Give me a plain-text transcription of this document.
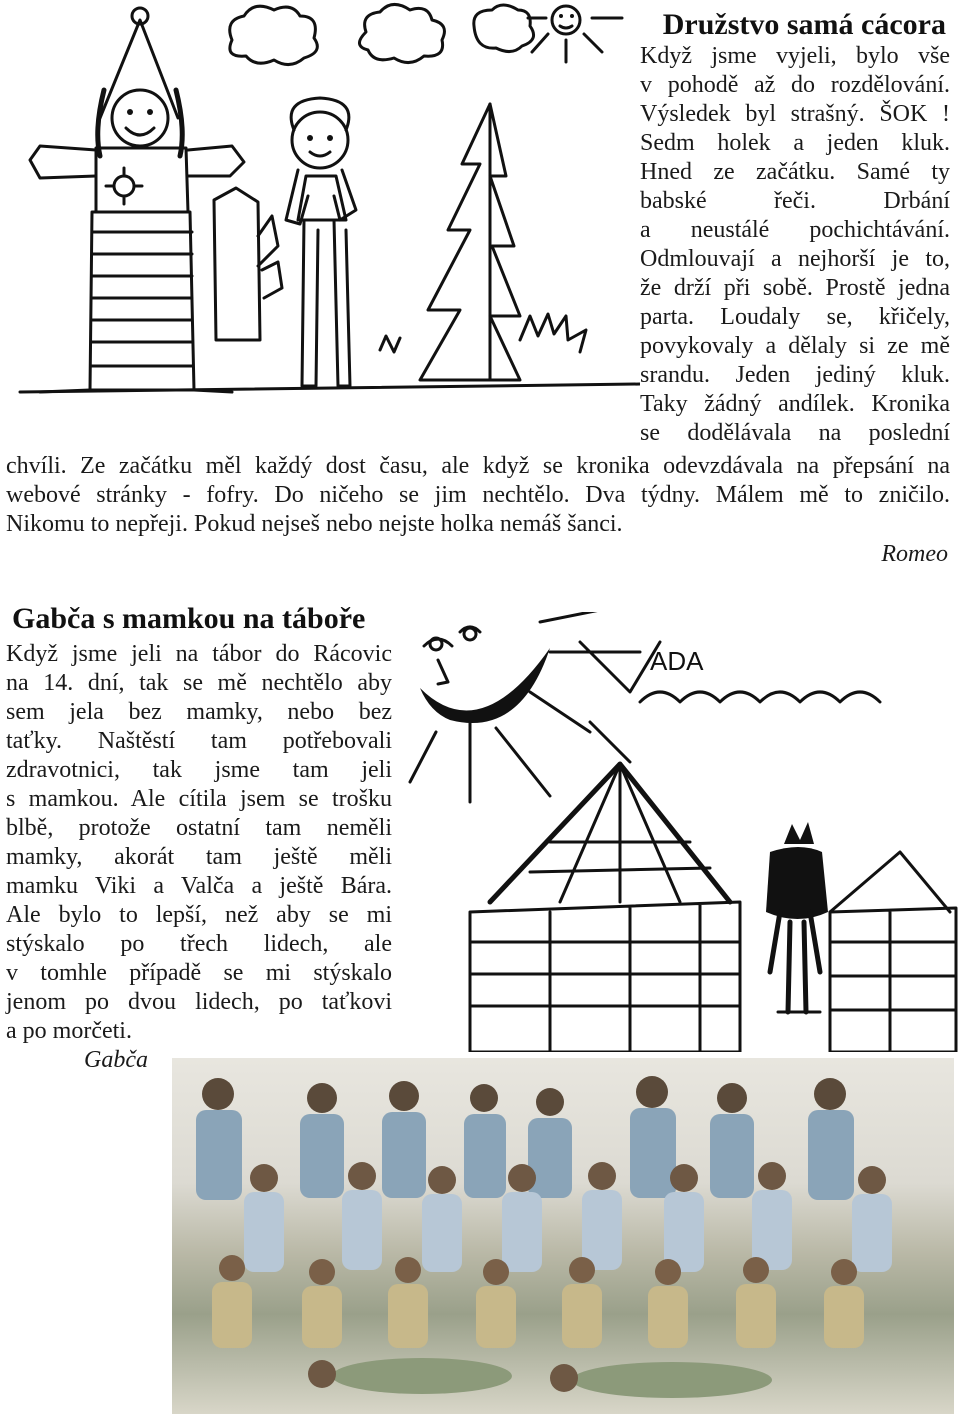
Družstvo samá cácora

Když jsme vyjeli, bylo vše

v pohodě až do rozdělování.

Výsledek byl strašný. ŠOK !

Sedm holek a jeden kluk.

Hned ze začátku. Samé ty

babské řeči. Drbání

a neustálé pochichtávání.

Odmlouvají a nejhorší je to,

že drží při sobě. Prostě jedna

parta. Loudaly se, křičely,

povykovaly a dělaly si ze mě

srandu. Jeden jediný kluk.

Taky žádný andílek. Kronika

se dodělávala na poslední

chvíli. Ze začátku měl každý dost času, ale když se kronika odevzdávala na přepsání na

webové stránky - fofry. Do ničeho se jim nechtělo. Dva týdny. Málem mě to zničilo.

Nikomu to nepřeji. Pokud nejseš nebo nejste holka nemáš šanci.

Romeo
Gabča s mamkou na táboře

Když jsme jeli na tábor do Rácovic

na 14. dní, tak se mě nechtělo aby

sem jela bez mamky, nebo bez

taťky. Naštěstí tam potřebovali

zdravotnici, tak jsme tam jeli

s mamkou. Ale cítila jsem se trošku

blbě, protože ostatní tam neměli

mamky, akorát tam ještě měli

mamku Viki a Valča a ještě Bára.

Ale bylo to lepší, než aby se mi

stýskalo po třech lidech, ale

v tomhle případě se mi stýskalo

jenom po dvou lidech, po taťkovi

a po morčeti.

Gabča
ADA
